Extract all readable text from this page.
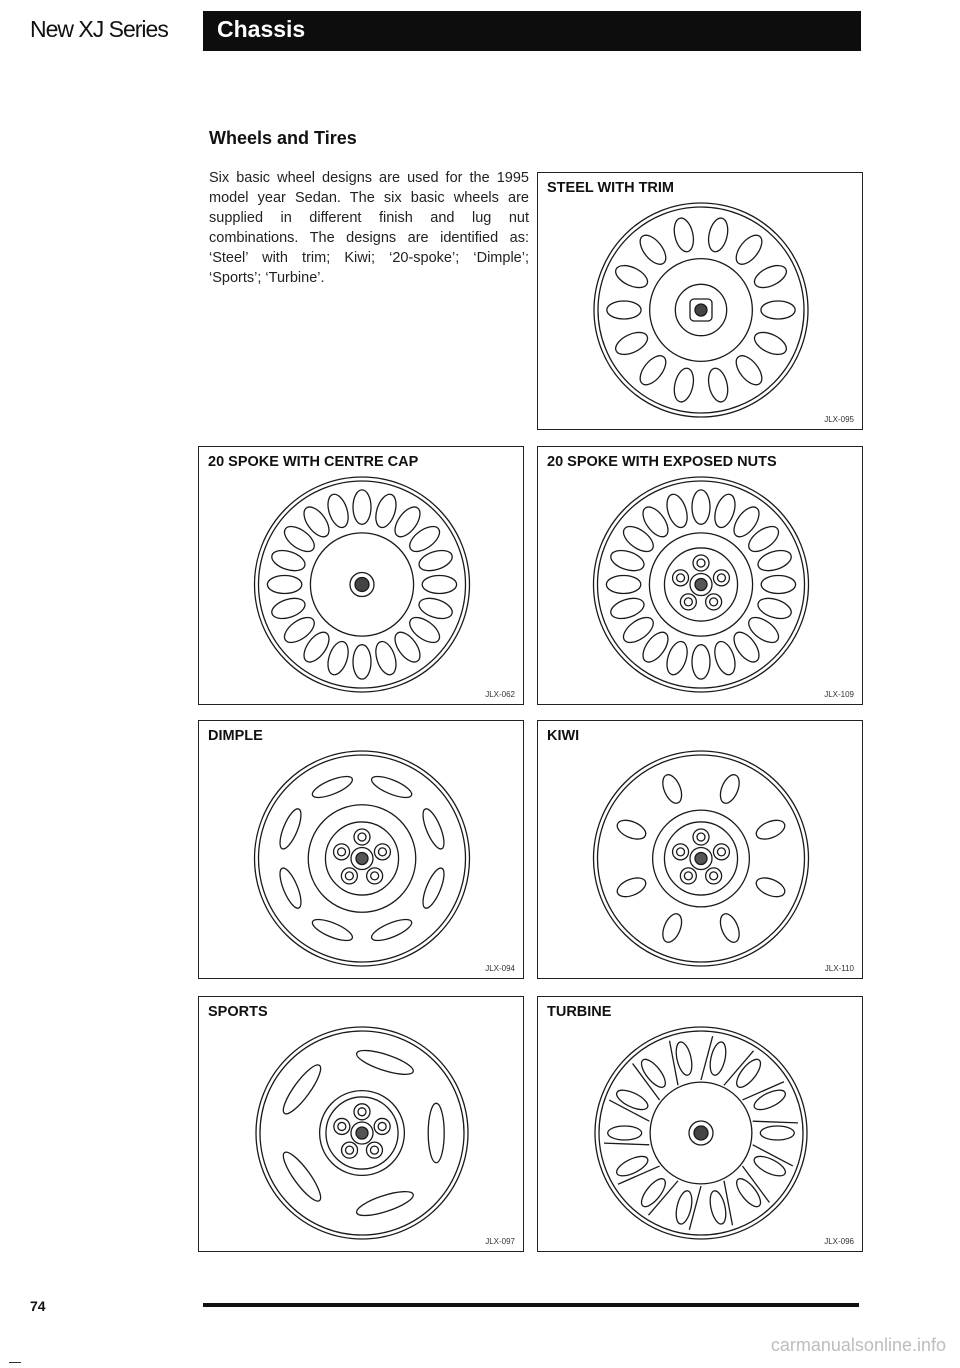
New XJ Series Chassis
Wheels and Tires
Six basic wheel designs are used for the 1995 model year Sedan. The six basic wheels are supplied in different finish and lug nut combinations. The designs are identified as: ‘Steel’ with trim; Kiwi; ‘20-spoke’; ‘Dimple’; ‘Sports’; ‘Turbine’.
STEEL WITH TRIM
JLX-095
20 SPOKE WITH CENTRE CAP
JLX-062
20 SPOKE WITH EXPOSED NUTS
JLX-109
DIMPLE
JLX-094
KIWI
JLX-110
SPORTS
JLX-097
TURBINE
JLX-096
74
carmanualsonline.info
